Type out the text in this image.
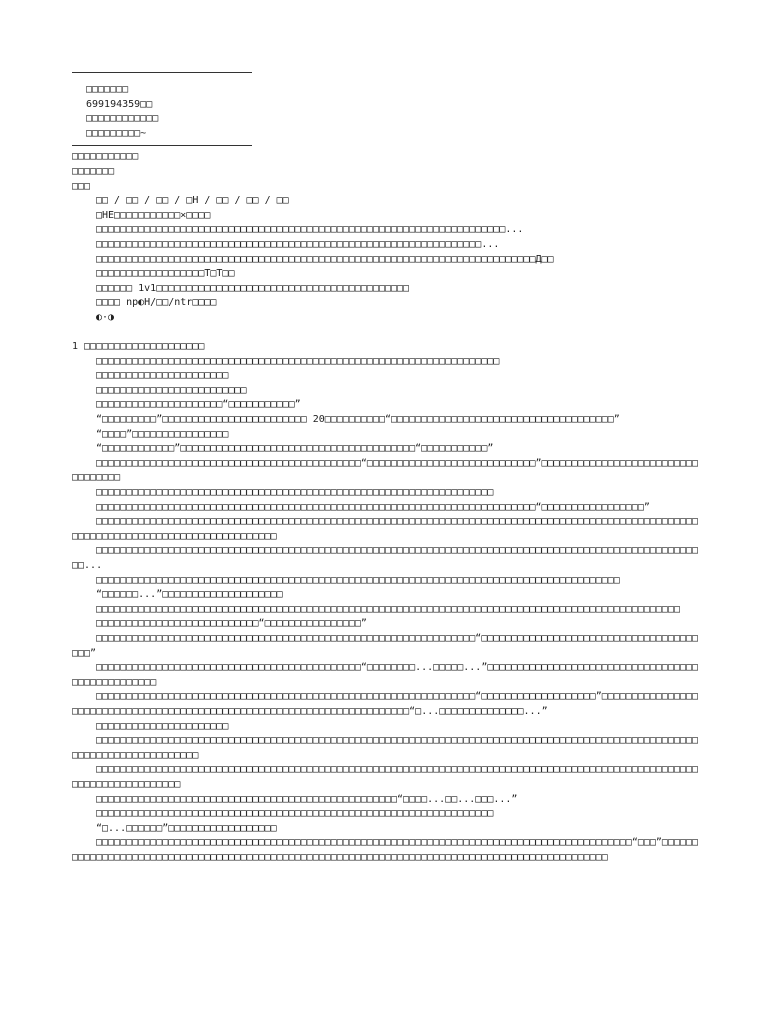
□□□□□□□
699194359□□
□□□□□□□□□□□□
□□□□□□□□□~
□□□□□□□□□□□
□□□□□□□
□□□
□□ / □□ / □□ / □H / □□ / □□ / □□
□HE□□□□□□□□□□□×□□□□
□□□□□□□□□□□□□□□□□□□□□□□□□□□□□□□□□□□□□□□□□□□□□□□□□□□□□□□□□□□□□□□□□□□□...
□□□□□□□□□□□□□□□□□□□□□□□□□□□□□□□□□□□□□□□□□□□□□□□□□□□□□□□□□□□□□□□□...
□□□□□□□□□□□□□□□□□□□□□□□□□□□□□□□□□□□□□□□□□□□□□□□□□□□□□□□□□□□□□□□□□□□□□□□□□Д□□
□□□□□□□□□□□□□□□□□□T□T□□
□□□□□□ 1v1□□□□□□□□□□□□□□□□□□□□□□□□□□□□□□□□□□□□□□□□□□
□□□□ np◐H/□□/ntr□□□□
◐·◑
1 □□□□□□□□□□□□□□□□□□□□
□□□□□□□□□□□□□□□□□□□□□□□□□□□□□□□□□□□□□□□□□□□□□□□□□□□□□□□□□□□□□□□□□□□
□□□□□□□□□□□□□□□□□□□□□□
□□□□□□□□□□□□□□□□□□□□□□□□□
□□□□□□□□□□□□□□□□□□□□□“□□□□□□□□□□□”
“□□□□□□□□□”□□□□□□□□□□□□□□□□□□□□□□□□ 20□□□□□□□□□□“□□□□□□□□□□□□□□□□□□□□□□□□□□□□□□□□□□□□□”
“□□□□”□□□□□□□□□□□□□□□□
“□□□□□□□□□□□□”□□□□□□□□□□□□□□□□□□□□□□□□□□□□□□□□□□□□□□□“□□□□□□□□□□□”
□□□□□□□□□□□□□□□□□□□□□□□□□□□□□□□□□□□□□□□□□□□□“□□□□□□□□□□□□□□□□□□□□□□□□□□□□”□□□□□□□□□□□□□□□□□□□□□□□□□□□□□□□□□□
□□□□□□□□□□□□□□□□□□□□□□□□□□□□□□□□□□□□□□□□□□□□□□□□□□□□□□□□□□□□□□□□□□
□□□□□□□□□□□□□□□□□□□□□□□□□□□□□□□□□□□□□□□□□□□□□□□□□□□□□□□□□□□□□□□□□□□□□□□□□“□□□□□□□□□□□□□□□□□”
□□□□□□□□□□□□□□□□□□□□□□□□□□□□□□□□□□□□□□□□□□□□□□□□□□□□□□□□□□□□□□□□□□□□□□□□□□□□□□□□□□□□□□□□□□□□□□□□□□□□□□□□□□□□□□□□□□□□□□□□□□□□□□□□□□□□□□
□□□□□□□□□□□□□□□□□□□□□□□□□□□□□□□□□□□□□□□□□□□□□□□□□□□□□□□□□□□□□□□□□□□□□□□□□□□□□□□□□□□□□□□□□□□□□□□□□□□□□□...
□□□□□□□□□□□□□□□□□□□□□□□□□□□□□□□□□□□□□□□□□□□□□□□□□□□□□□□□□□□□□□□□□□□□□□□□□□□□□□□□□□□□□□□
“□□□□□□...”□□□□□□□□□□□□□□□□□□□□
□□□□□□□□□□□□□□□□□□□□□□□□□□□□□□□□□□□□□□□□□□□□□□□□□□□□□□□□□□□□□□□□□□□□□□□□□□□□□□□□□□□□□□□□□□□□□□□□□
□□□□□□□□□□□□□□□□□□□□□□□□□□□“□□□□□□□□□□□□□□□□”
□□□□□□□□□□□□□□□□□□□□□□□□□□□□□□□□□□□□□□□□□□□□□□□□□□□□□□□□□□□□□□□“□□□□□□□□□□□□□□□□□□□□□□□□□□□□□□□□□□□□□□□”
□□□□□□□□□□□□□□□□□□□□□□□□□□□□□□□□□□□□□□□□□□□□“□□□□□□□□...□□□□□...”□□□□□□□□□□□□□□□□□□□□□□□□□□□□□□□□□□□□□□□□□□□□□□□□□
□□□□□□□□□□□□□□□□□□□□□□□□□□□□□□□□□□□□□□□□□□□□□□□□□□□□□□□□□□□□□□□“□□□□□□□□□□□□□□□□□□□”□□□□□□□□□□□□□□□□□□□□□□□□□□□□□□□□□□□□□□□□□□□□□□□□□□□□□□□□□□□□□□□□□□□□□□□□“□...□□□□□□□□□□□□□□...”
□□□□□□□□□□□□□□□□□□□□□□
□□□□□□□□□□□□□□□□□□□□□□□□□□□□□□□□□□□□□□□□□□□□□□□□□□□□□□□□□□□□□□□□□□□□□□□□□□□□□□□□□□□□□□□□□□□□□□□□□□□□□□□□□□□□□□□□□□□□□□□□□
□□□□□□□□□□□□□□□□□□□□□□□□□□□□□□□□□□□□□□□□□□□□□□□□□□□□□□□□□□□□□□□□□□□□□□□□□□□□□□□□□□□□□□□□□□□□□□□□□□□□□□□□□□□□□□□□□□□□□□
□□□□□□□□□□□□□□□□□□□□□□□□□□□□□□□□□□□□□□□□□□□□□□□□□□“□□□□...□□...□□□...”
□□□□□□□□□□□□□□□□□□□□□□□□□□□□□□□□□□□□□□□□□□□□□□□□□□□□□□□□□□□□□□□□□□
“□...□□□□□□”□□□□□□□□□□□□□□□□□□
□□□□□□□□□□□□□□□□□□□□□□□□□□□□□□□□□□□□□□□□□□□□□□□□□□□□□□□□□□□□□□□□□□□□□□□□□□□□□□□□□□□□□□□□□“□□□”□□□□□□□□□□□□□□□□□□□□□□□□□□□□□□□□□□□□□□□□□□□□□□□□□□□□□□□□□□□□□□□□□□□□□□□□□□□□□□□□□□□□□□□□□□□□□□□
